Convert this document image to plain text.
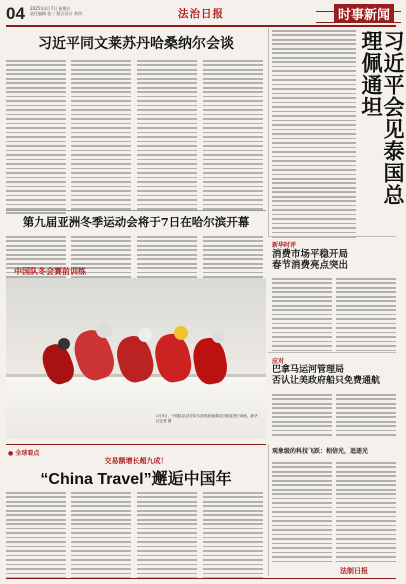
04 2025年2月7日 星期五
责任编辑 张三 版式设计 李四	法治日报	时事新闻
习近平同文莱苏丹哈桑纳尔会谈	习近平会见泰国总理佩通坦
第九届亚洲冬季运动会将于7日在哈尔滨开幕
中国队冬会赛前训练
2月5日，中国队队员在哈尔滨短道速滑项目赛前进行训练。新华社记者 摄
新华时评
消费市场平稳开局
春节消费亮点突出
应对
巴拿马运河管理局
否认让美政府船只免费通航
● 全球看点
交易额增长超九成！
“China Travel”邂逅中国年
观象级的科技飞跃：相信光，追逐光
法制日报
